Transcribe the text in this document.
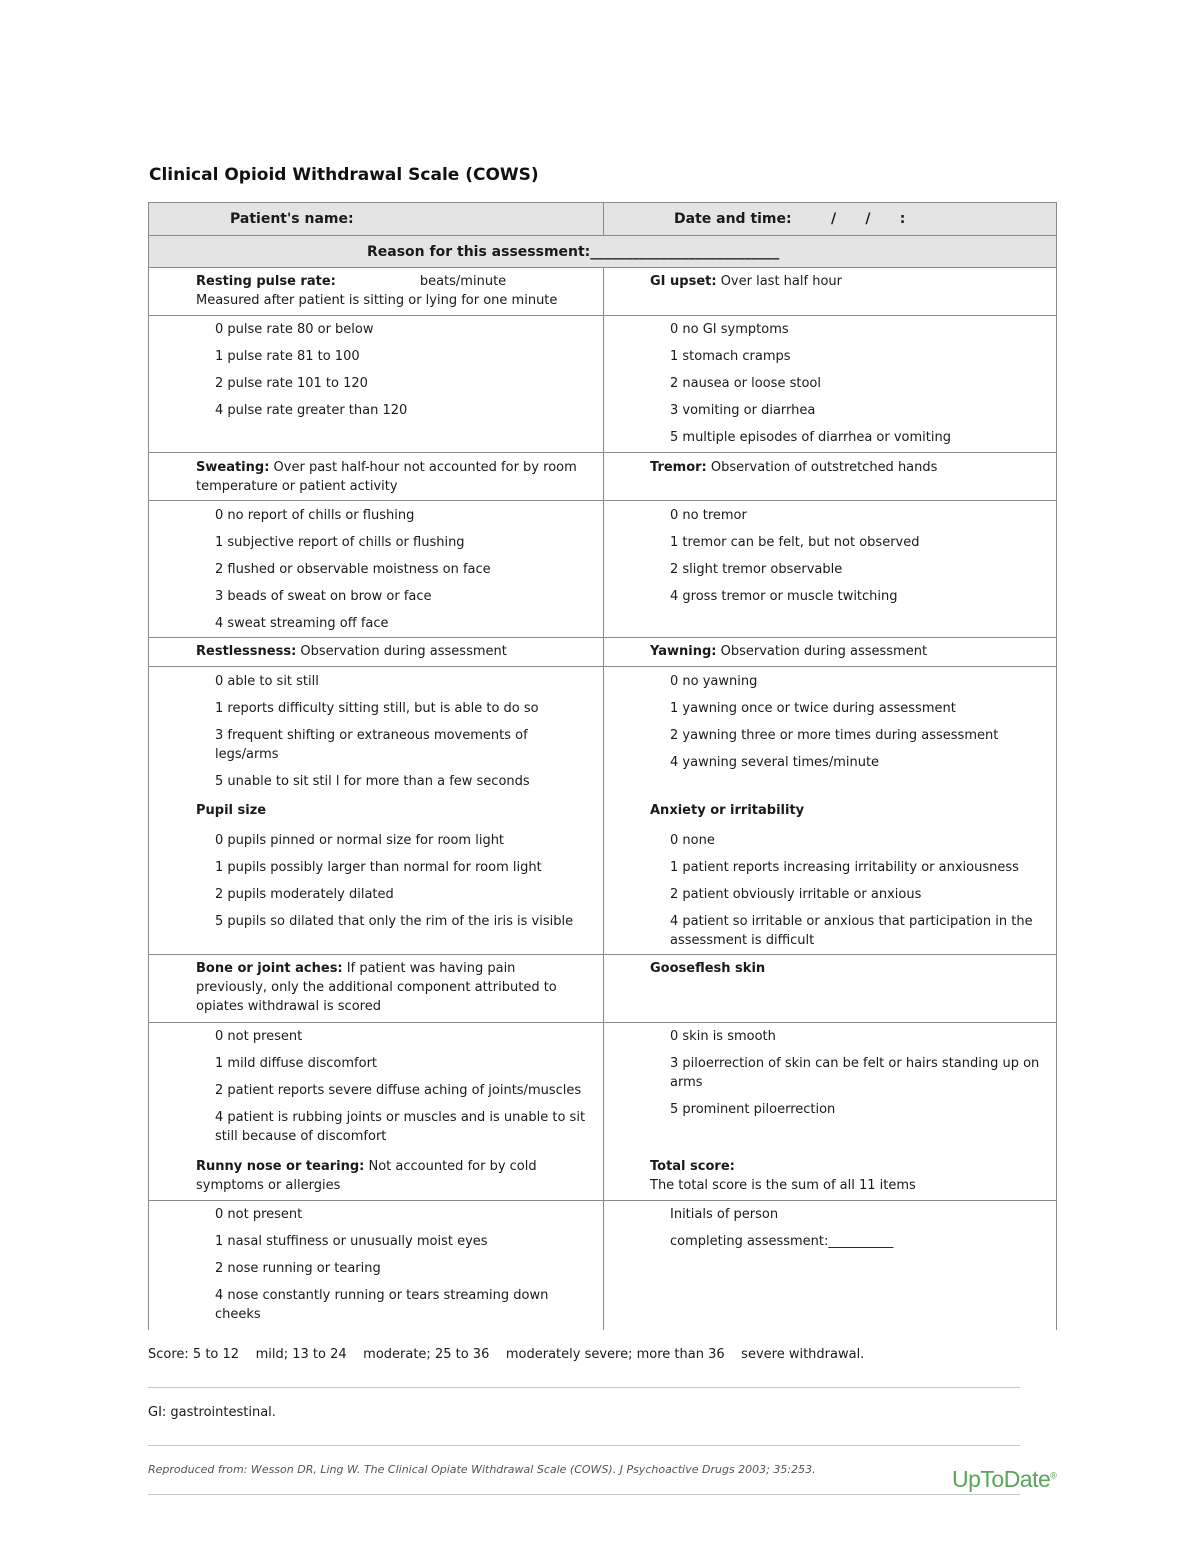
Clinical Opioid Withdrawal Scale (COWS)
Patient's name:	Date and time:	/      /      :
Reason for this assessment:___________________________
Resting pulse rate:	beats/minute
Measured after patient is sitting or lying for one minute
0 pulse rate 80 or below
1 pulse rate 81 to 100
2 pulse rate 101 to 120
4 pulse rate greater than 120
GI upset: Over last half hour
0 no GI symptoms
1 stomach cramps
2 nausea or loose stool
3 vomiting or diarrhea
5 multiple episodes of diarrhea or vomiting
Sweating: Over past half-hour not accounted for by room temperature or patient activity
0 no report of chills or flushing
1 subjective report of chills or flushing
2 flushed or observable moistness on face
3 beads of sweat on brow or face
4 sweat streaming off face
Tremor: Observation of outstretched hands
0 no tremor
1 tremor can be felt, but not observed
2 slight tremor observable
4 gross tremor or muscle twitching
Restlessness: Observation during assessment
0 able to sit still
1 reports difficulty sitting still, but is able to do so
3 frequent shifting or extraneous movements of legs/arms
5 unable to sit stil l for more than a few seconds
Yawning: Observation during assessment
0 no yawning
1 yawning once or twice during assessment
2 yawning three or more times during assessment
4 yawning several times/minute
Pupil size
0 pupils pinned or normal size for room light
1 pupils possibly larger than normal for room light
2 pupils moderately dilated
5 pupils so dilated that only the rim of the iris is visible
Anxiety or irritability
0 none
1 patient reports increasing irritability or anxiousness
2 patient obviously irritable or anxious
4 patient so irritable or anxious that participation in the assessment is difficult
Bone or joint aches: If patient was having pain previously, only the additional component attributed to opiates withdrawal is scored
0 not present
1 mild diffuse discomfort
2 patient reports severe diffuse aching of joints/muscles
4 patient is rubbing joints or muscles and is unable to sit still because of discomfort
Gooseflesh skin
0 skin is smooth
3 piloerrection of skin can be felt or hairs standing up on arms
5 prominent piloerrection
Runny nose or tearing: Not accounted for by cold symptoms or allergies
0 not present
1 nasal stuffiness or unusually moist eyes
2 nose running or tearing
4 nose constantly running or tears streaming down cheeks
Total score:
The total score is the sum of all 11 items
Initials of person
completing assessment:__________
Score: 5 to 12    mild; 13 to 24    moderate; 25 to 36    moderately severe; more than 36    severe withdrawal.
GI: gastrointestinal.
Reproduced from: Wesson DR, Ling W. The Clinical Opiate Withdrawal Scale (COWS). J Psychoactive Drugs 2003; 35:253.	UpToDate®
